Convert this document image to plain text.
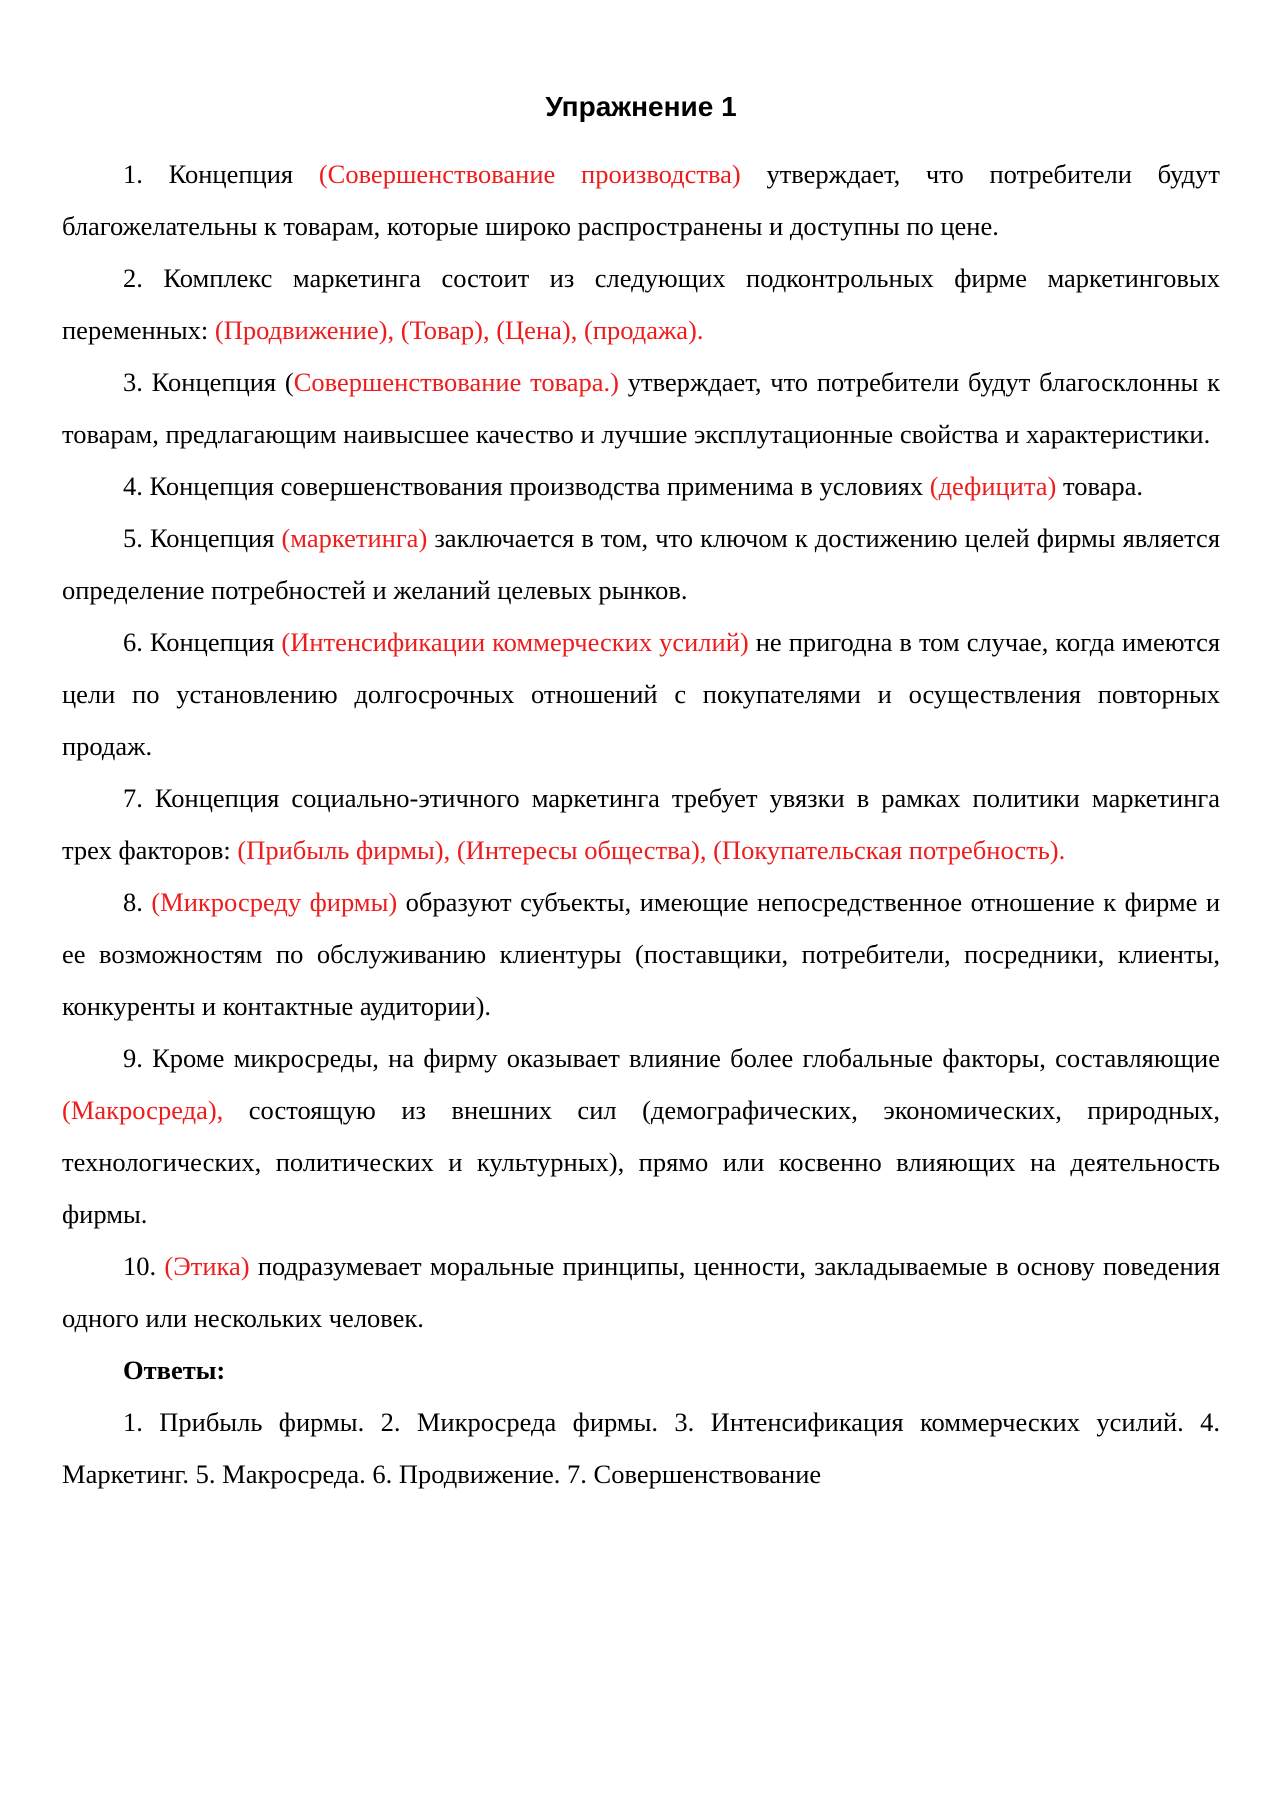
Упражнение 1

1. Концепция (Совершенствование производства) утверждает, что потребители будут благожелательны к товарам, которые широко распространены и доступны по цене.

2. Комплекс маркетинга состоит из следующих подконтрольных фирме маркетинговых переменных: (Продвижение), (Товар), (Цена), (продажа).

3. Концепция (Совершенствование товара.) утверждает, что потребители будут благосклонны к товарам, предлагающим наивысшее качество и лучшие эксплутационные свойства и характеристики.

4. Концепция совершенствования производства применима в условиях (дефицита) товара.

5. Концепция (маркетинга) заключается в том, что ключом к достижению целей фирмы является определение потребностей и желаний целевых рынков.

6. Концепция (Интенсификации коммерческих усилий) не пригодна в том случае, когда имеются цели по установлению долгосрочных отношений с покупателями и осуществления повторных продаж.

7. Концепция социально-этичного маркетинга требует увязки в рамках политики маркетинга трех факторов: (Прибыль фирмы), (Интересы общества), (Покупательская потребность).

8. (Микросреду фирмы) образуют субъекты, имеющие непосредственное отношение к фирме и ее возможностям по обслуживанию клиентуры (поставщики, потребители, посредники, клиенты, конкуренты и контактные аудитории).

9. Кроме микросреды, на фирму оказывает влияние более глобальные факторы, составляющие (Макросреда), состоящую из внешних сил (демографических, экономических, природных, технологических, политических и культурных), прямо или косвенно влияющих на деятельность фирмы.

10. (Этика) подразумевает моральные принципы, ценности, закладываемые в основу поведения одного или нескольких человек.

Ответы:

1. Прибыль фирмы. 2. Микросреда фирмы. 3. Интенсификация коммерческих усилий. 4. Маркетинг. 5. Макросреда. 6. Продвижение. 7. Совершенствование
